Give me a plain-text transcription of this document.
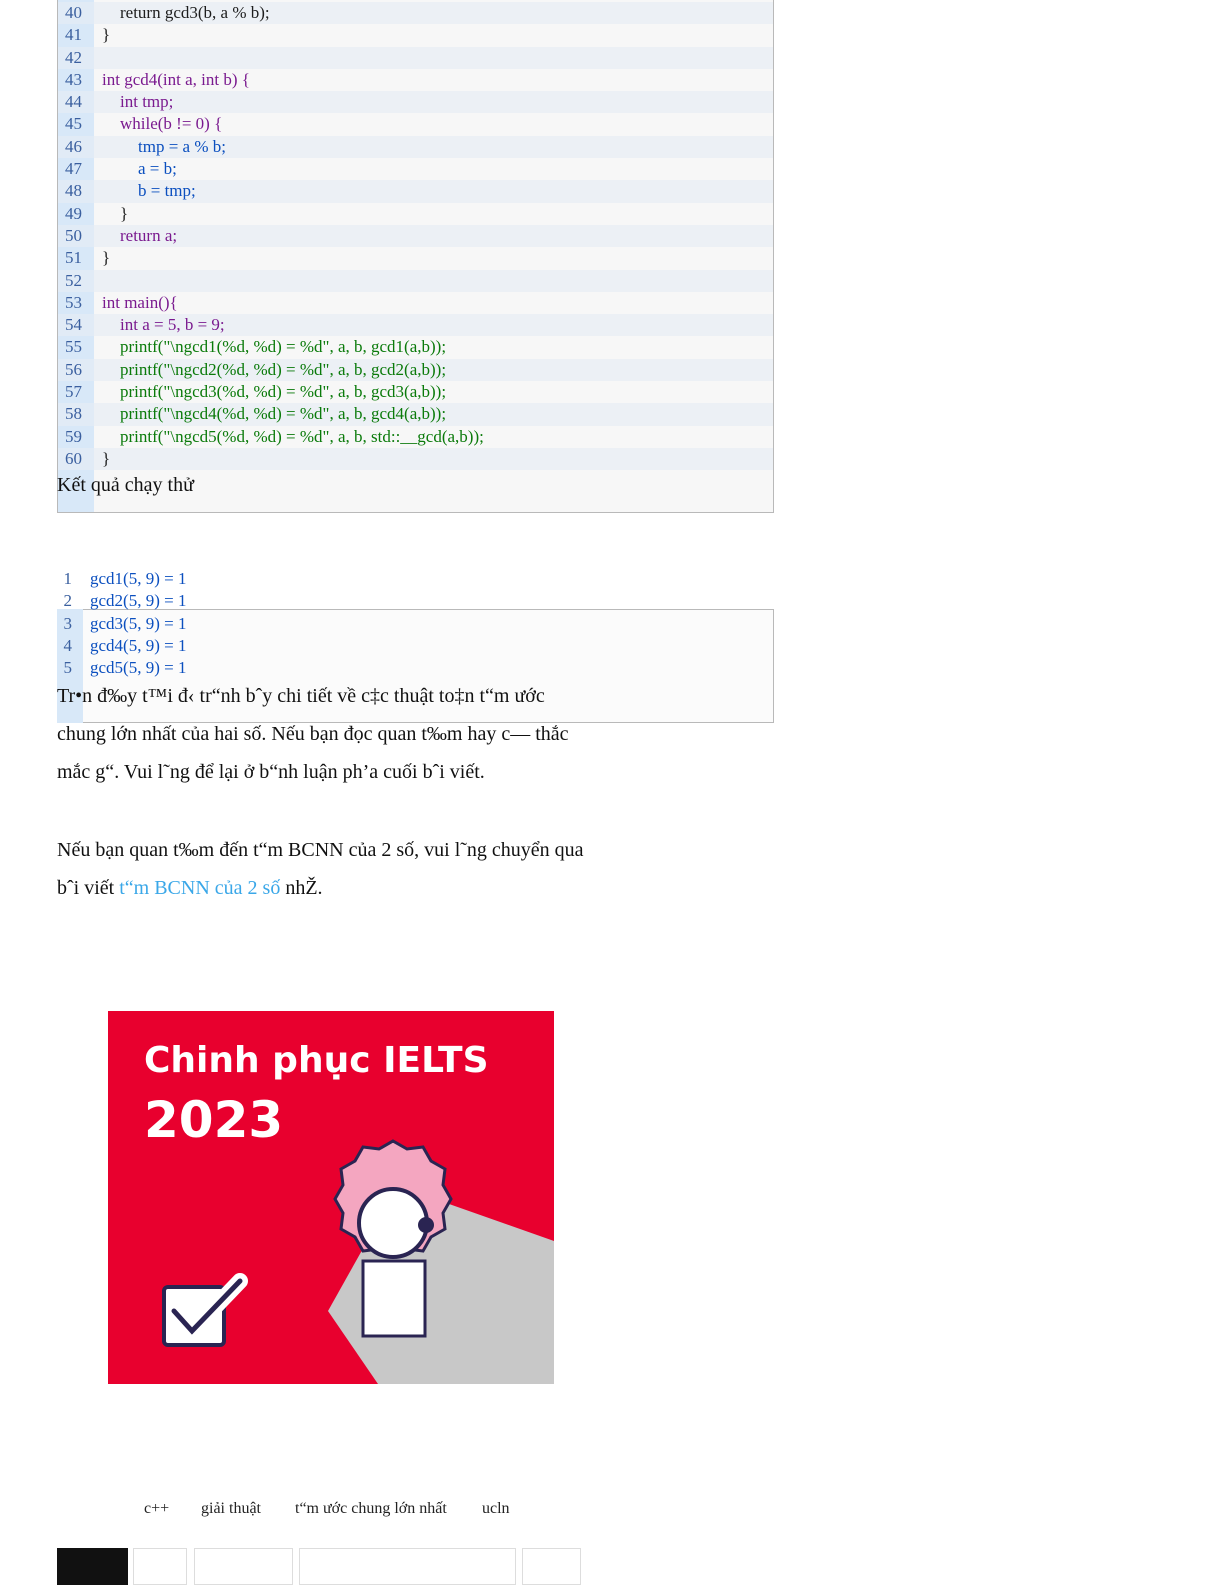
40 return gcd3(b, a % b);
41 }
42
43 int gcd4(int a, int b) {
44 int tmp;
45 while(b != 0) {
46	tmp = a % b;
47	a = b;
48	b = tmp;
49 }
50 return a;
51 }
52
53 int main(){
54 int a = 5, b = 9;
55 printf("\ngcd1(%d, %d) = %d", a, b, gcd1(a,b));
56 printf("\ngcd2(%d, %d) = %d", a, b, gcd2(a,b));
57 printf("\ngcd3(%d, %d) = %d", a, b, gcd3(a,b));
58 printf("\ngcd4(%d, %d) = %d", a, b, gcd4(a,b));
59 printf("\ngcd5(%d, %d) = %d", a, b, std::__gcd(a,b));
60 }
Kết quả chạy thử
1 gcd1(5, 9) = 1
2 gcd2(5, 9) = 1
3 gcd3(5, 9) = 1
4 gcd4(5, 9) = 1
5 gcd5(5, 9) = 1
Tr•n đ‰y t™i đ‹ tr“nh bˆy chi tiết về c‡c thuật to‡n t“m ước
chung lớn nhất của hai số. Nếu bạn đọc quan t‰m hay c— thắc
mắc g“. Vui l˜ng để lại ở b“nh luận ph’a cuối bˆi viết.
Nếu bạn quan t‰m đến t“m BCNN của 2 số, vui l˜ng chuyển qua
bˆi viết t“m BCNN của 2 số nhŽ.
Chinh phục IELTS
2023
c++ giải thuật t“m ước chung lớn nhất ucln
